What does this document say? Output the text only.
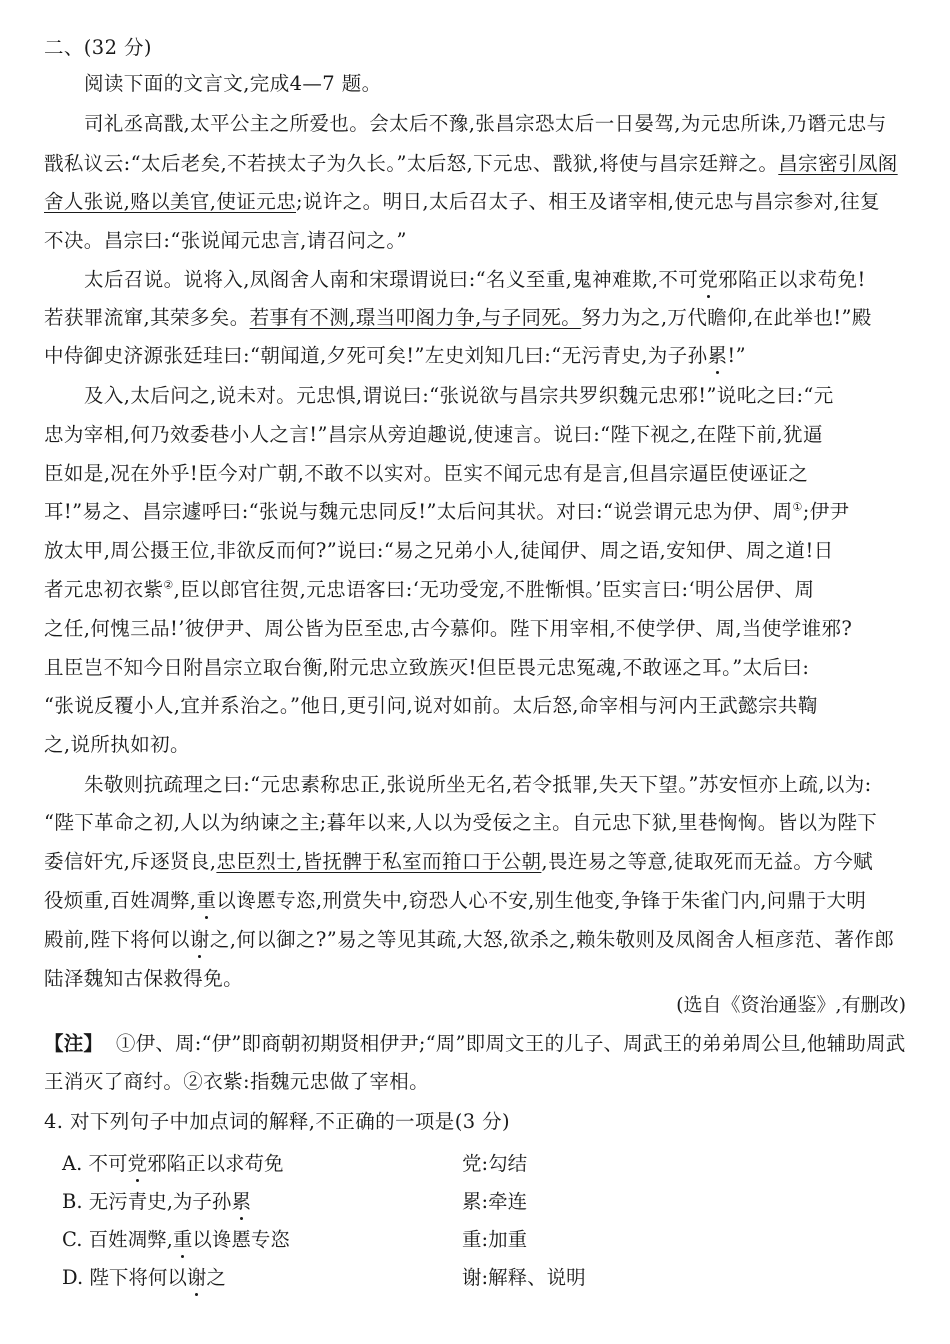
二、(32 分)
阅读下面的文言文,完成4—7 题。
司礼丞高戬,太平公主之所爱也。会太后不豫,张昌宗恐太后一日晏驾,为元忠所诛,乃谮元忠与
戬私议云:“太后老矣,不若挟太子为久长。”太后怒,下元忠、戬狱,将使与昌宗廷辩之。昌宗密引凤阁
舍人张说,赂以美官,使证元忠;说许之。明日,太后召太子、相王及诸宰相,使元忠与昌宗参对,往复
不决。昌宗曰:“张说闻元忠言,请召问之。”
太后召说。说将入,凤阁舍人南和宋璟谓说曰:“名义至重,鬼神难欺,不可党邪陷正以求苟免!
若获罪流窜,其荣多矣。若事有不测,璟当叩阁力争,与子同死。努力为之,万代瞻仰,在此举也!”殿
中侍御史济源张廷珪曰:“朝闻道,夕死可矣!”左史刘知几曰:“无污青史,为子孙累!”
及入,太后问之,说未对。元忠惧,谓说曰:“张说欲与昌宗共罗织魏元忠邪!”说叱之曰:“元
忠为宰相,何乃效委巷小人之言!”昌宗从旁迫趣说,使速言。说曰:“陛下视之,在陛下前,犹逼
臣如是,况在外乎!臣今对广朝,不敢不以实对。臣实不闻元忠有是言,但昌宗逼臣使诬证之
耳!”易之、昌宗遽呼曰:“张说与魏元忠同反!”太后问其状。对曰:“说尝谓元忠为伊、周①;伊尹
放太甲,周公摄王位,非欲反而何?”说曰:“易之兄弟小人,徒闻伊、周之语,安知伊、周之道!日
者元忠初衣紫②,臣以郎官往贺,元忠语客曰:‘无功受宠,不胜惭惧。’臣实言曰:‘明公居伊、周
之任,何愧三品!’彼伊尹、周公皆为臣至忠,古今慕仰。陛下用宰相,不使学伊、周,当使学谁邪?
且臣岂不知今日附昌宗立取台衡,附元忠立致族灭!但臣畏元忠冤魂,不敢诬之耳。”太后曰:
“张说反覆小人,宜并系治之。”他日,更引问,说对如前。太后怒,命宰相与河内王武懿宗共鞫
之,说所执如初。
朱敬则抗疏理之曰:“元忠素称忠正,张说所坐无名,若令抵罪,失天下望。”苏安恒亦上疏,以为:
“陛下革命之初,人以为纳谏之主;暮年以来,人以为受佞之主。自元忠下狱,里巷恟恟。皆以为陛下
委信奸宄,斥逐贤良,忠臣烈士,皆抚髀于私室而箝口于公朝,畏迕易之等意,徒取死而无益。方今赋
役烦重,百姓凋弊,重以谗慝专恣,刑赏失中,窃恐人心不安,别生他变,争锋于朱雀门内,问鼎于大明
殿前,陛下将何以谢之,何以御之?”易之等见其疏,大怒,欲杀之,赖朱敬则及凤阁舍人桓彦范、著作郎
陆泽魏知古保救得免。
(选自《资治通鉴》,有删改)
【注】 ①伊、周:“伊”即商朝初期贤相伊尹;“周”即周文王的儿子、周武王的弟弟周公旦,他辅助周武
王消灭了商纣。②衣紫:指魏元忠做了宰相。
4. 对下列句子中加点词的解释,不正确的一项是(3 分)
A. 不可党邪陷正以求苟免	党:勾结
B. 无污青史,为子孙累	累:牵连
C. 百姓凋弊,重以谗慝专恣	重:加重
D. 陛下将何以谢之	谢:解释、说明
